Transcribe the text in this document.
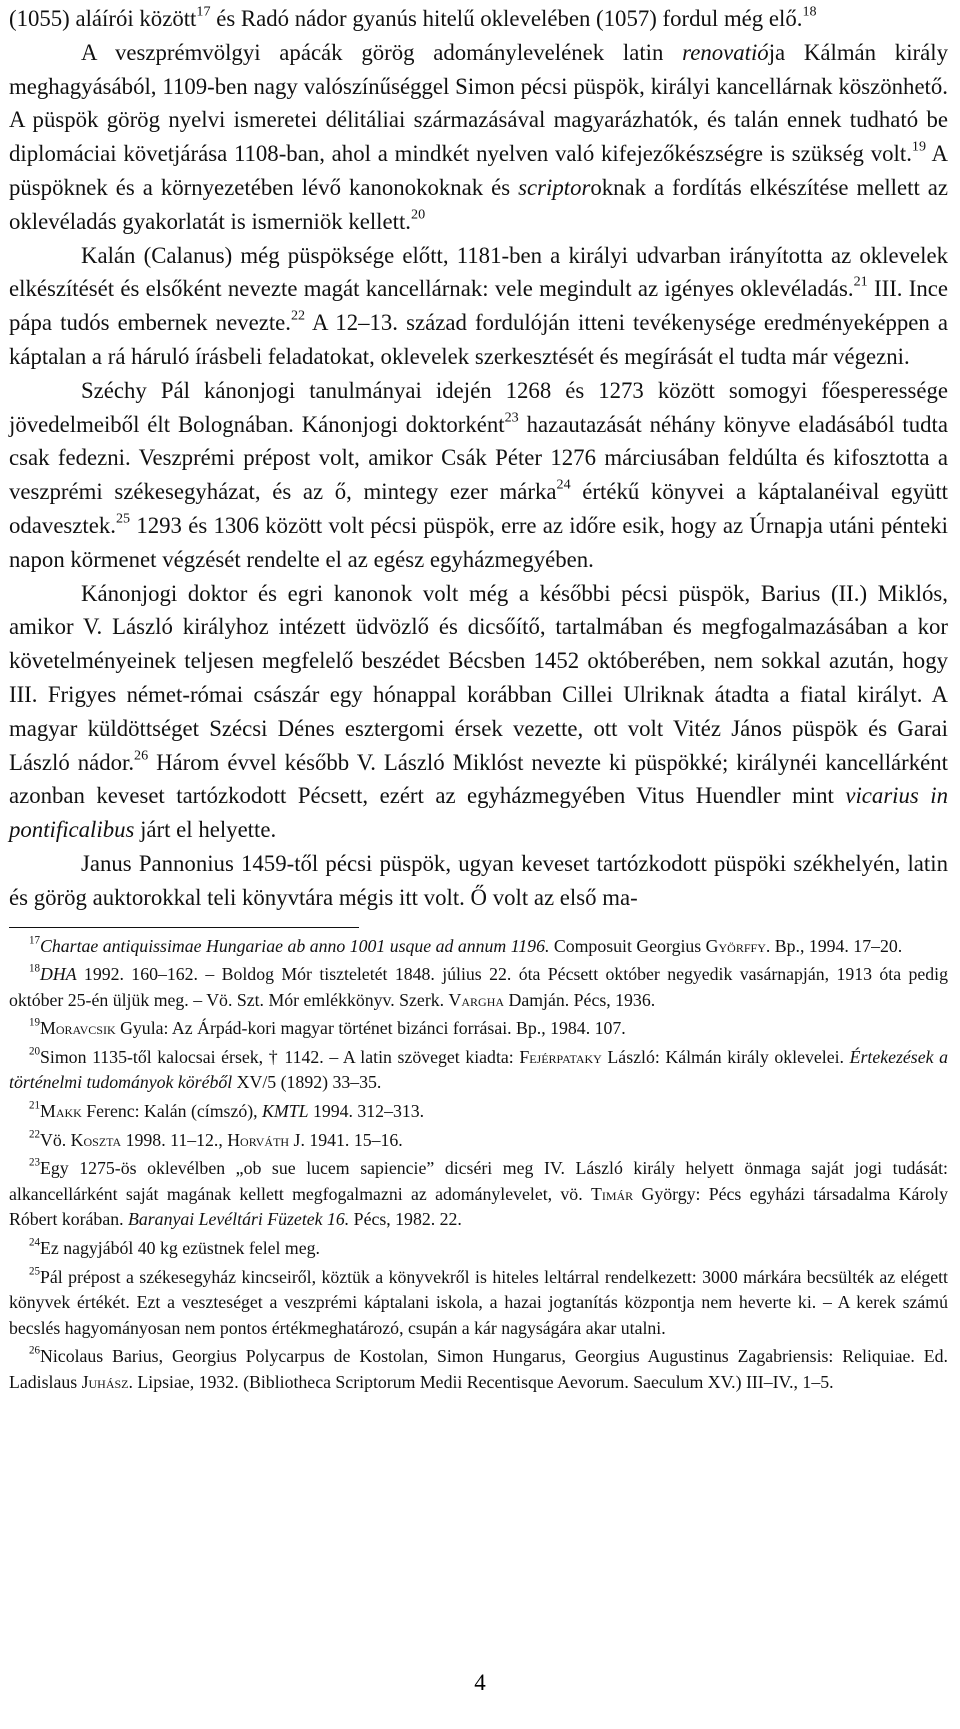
(1055) aláírói között$^{17}$ és Radó nádor gyanús hitelű oklevelében (1057) fordul még elő.$^{18}$

A veszprémvölgyi apácák görög adománylevelének latin renovatiója Kálmán király meghagyásából, 1109-ben nagy valószínűséggel Simon pécsi püspök, királyi kancellárnak köszönhető. A püspök görög nyelvi ismeretei délitáliai származásával magyarázhatók, és talán ennek tudható be diplomáciai követjárása 1108-ban, ahol a mindkét nyelven való kifejezőkészségre is szükség volt.$^{19}$ A püspöknek és a környezetében lévő kanonokoknak és scriptoroknak a fordítás elkészítése mellett az oklevéladás gyakorlatát is ismerniök kellett.$^{20}$

Kalán (Calanus) még püspöksége előtt, 1181-ben a királyi udvarban irányította az oklevelek elkészítését és elsőként nevezte magát kancellárnak: vele megindult az igényes oklevéladás.$^{21}$ III. Ince pápa tudós embernek nevezte.$^{22}$ A 12–13. század fordulóján itteni tevékenysége eredményeképpen a káptalan a rá háruló írásbeli feladatokat, oklevelek szerkesztését és megírását el tudta már végezni.

Széchy Pál kánonjogi tanulmányai idején 1268 és 1273 között somogyi főesperessége jövedelmeiből élt Bolognában. Kánonjogi doktorként$^{23}$ hazautazását néhány könyve eladásából tudta csak fedezni. Veszprémi prépost volt, amikor Csák Péter 1276 márciusában feldúlta és kifosztotta a veszprémi székesegyházat, és az ő, mintegy ezer márka$^{24}$ értékű könyvei a káptalanéival együtt odavesztek.$^{25}$ 1293 és 1306 között volt pécsi püspök, erre az időre esik, hogy az Úrnapja utáni pénteki napon körmenet végzését rendelte el az egész egyházmegyében.

Kánonjogi doktor és egri kanonok volt még a későbbi pécsi püspök, Barius (II.) Miklós, amikor V. László királyhoz intézett üdvözlő és dicsőítő, tartalmában és megfogalmazásában a kor követelményeinek teljesen megfelelő beszédet Bécsben 1452 októberében, nem sokkal azután, hogy III. Frigyes német-római császár egy hónappal korábban Cillei Ulriknak átadta a fiatal királyt. A magyar küldöttséget Szécsi Dénes esztergomi érsek vezette, ott volt Vitéz János püspök és Garai László nádor.$^{26}$ Három évvel később V. László Miklóst nevezte ki püspökké; királynéi kancellárként azonban keveset tartózkodott Pécsett, ezért az egyházmegyében Vitus Huendler mint vicarius in pontificalibus járt el helyette.

Janus Pannonius 1459-től pécsi püspök, ugyan keveset tartózkodott püspöki székhelyén, latin és görög auktorokkal teli könyvtára mégis itt volt. Ő volt az első ma-

$^{17}$Chartae antiquissimae Hungariae ab anno 1001 usque ad annum 1196. Composuit Georgius Györffy. Bp., 1994. 17–20.

$^{18}$DHA 1992. 160–162. – Boldog Mór tiszteletét 1848. július 22. óta Pécsett október negyedik vasárnapján, 1913 óta pedig október 25-én üljük meg. – Vö. Szt. Mór emlékkönyv. Szerk. Vargha Damján. Pécs, 1936.

$^{19}$Moravcsik Gyula: Az Árpád-kori magyar történet bizánci forrásai. Bp., 1984. 107.

$^{20}$Simon 1135-től kalocsai érsek, † 1142. – A latin szöveget kiadta: Fejérpataky László: Kálmán király oklevelei. Értekezések a történelmi tudományok köréből XV/5 (1892) 33–35.

$^{21}$Makk Ferenc: Kalán (címszó), KMTL 1994. 312–313.

$^{22}$Vö. Koszta 1998. 11–12., Horváth J. 1941. 15–16.

$^{23}$Egy 1275-ös oklevélben „ob sue lucem sapiencie” dicséri meg IV. László király helyett önmaga saját jogi tudását: alkancellárként saját magának kellett megfogalmazni az adománylevelet, vö. Timár György: Pécs egyházi társadalma Károly Róbert korában. Baranyai Levéltári Füzetek 16. Pécs, 1982. 22.

$^{24}$Ez nagyjából 40 kg ezüstnek felel meg.

$^{25}$Pál prépost a székesegyház kincseiről, köztük a könyvekről is hiteles leltárral rendelkezett: 3000 márkára becsülték az elégett könyvek értékét. Ezt a veszteséget a veszprémi káptalani iskola, a hazai jogtanítás központja nem heverte ki. – A kerek számú becslés hagyományosan nem pontos értékmeghatározó, csupán a kár nagyságára akar utalni.

$^{26}$Nicolaus Barius, Georgius Polycarpus de Kostolan, Simon Hungarus, Georgius Augustinus Zagabriensis: Reliquiae. Ed. Ladislaus Juhász. Lipsiae, 1932. (Bibliotheca Scriptorum Medii Recentisque Aevorum. Saeculum XV.) III–IV., 1–5.

4
